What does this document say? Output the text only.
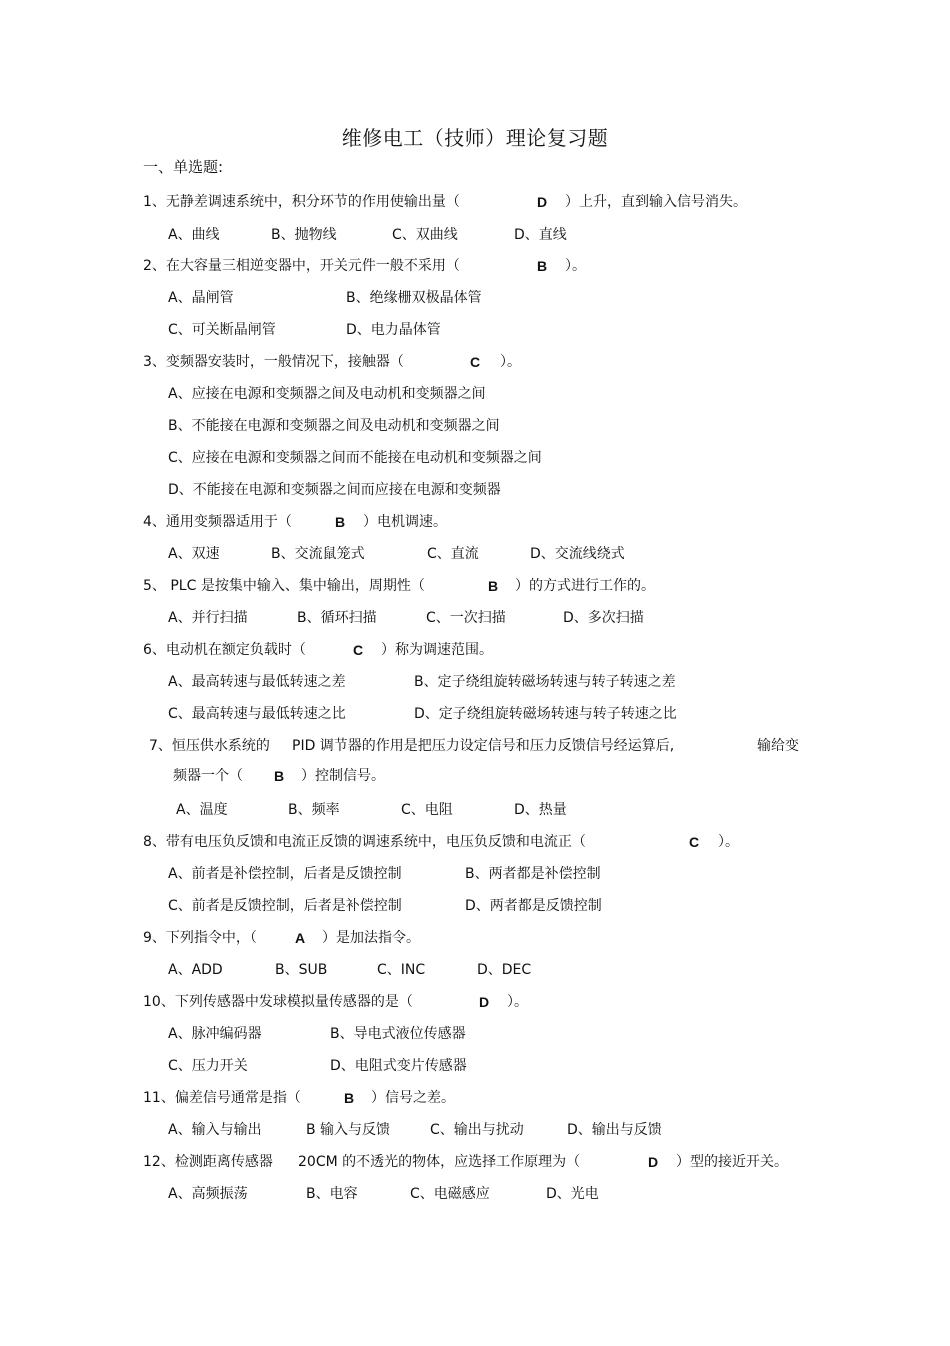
维修电工（技师）理论复习题
一、单选题:
1、无静差调速系统中，积分环节的作用使输出量（	D ）上升，直到输入信号消失。
A、曲线	B、抛物线	C、双曲线	D、直线
2、在大容量三相逆变器中，开关元件一般不采用（	B ）。
A、晶闸管	B、绝缘栅双极晶体管
C、可关断晶闸管	D、电力晶体管
3、变频器安装时，一般情况下，接触器（	C ）。
A、应接在电源和变频器之间及电动机和变频器之间
B、不能接在电源和变频器之间及电动机和变频器之间
C、应接在电源和变频器之间而不能接在电动机和变频器之间
D、不能接在电源和变频器之间而应接在电源和变频器
4、通用变频器适用于（	B ）电机调速。
A、双速	B、交流鼠笼式	C、直流	D、交流线绕式
5、 PLC 是按集中输入、集中输出，周期性（	B ）的方式进行工作的。
A、并行扫描	B、循环扫描	C、一次扫描	D、多次扫描
6、电动机在额定负载时（	C ）称为调速范围。
A、最高转速与最低转速之差	B、定子绕组旋转磁场转速与转子转速之差
C、最高转速与最低转速之比	D、定子绕组旋转磁场转速与转子转速之比
7、恒压供水系统的 PID 调节器的作用是把压力设定信号和压力反馈信号经运算后,	输给变
频器一个（ B ）控制信号。
A、温度	B、频率	C、电阻	D、热量
8、带有电压负反馈和电流正反馈的调速系统中，电压负反馈和电流正（	C ）。
A、前者是补偿控制，后者是反馈控制	B、两者都是补偿控制
C、前者是反馈控制，后者是补偿控制	D、两者都是反馈控制
9、下列指令中，（	A ）是加法指令。
A、ADD	B、SUB	C、INC	D、DEC
10、下列传感器中发球模拟量传感器的是（	D ）。
A、脉冲编码器	B、导电式液位传感器
C、压力开关	D、电阻式变片传感器
11、偏差信号通常是指（	B ）信号之差。
A、输入与输出	B 输入与反馈	C、输出与扰动	D、输出与反馈
12、检测距离传感器 20CM 的不透光的物体，应选择工作原理为（	D ）型的接近开关。
A、高频振荡	B、电容	C、电磁感应	D、光电
